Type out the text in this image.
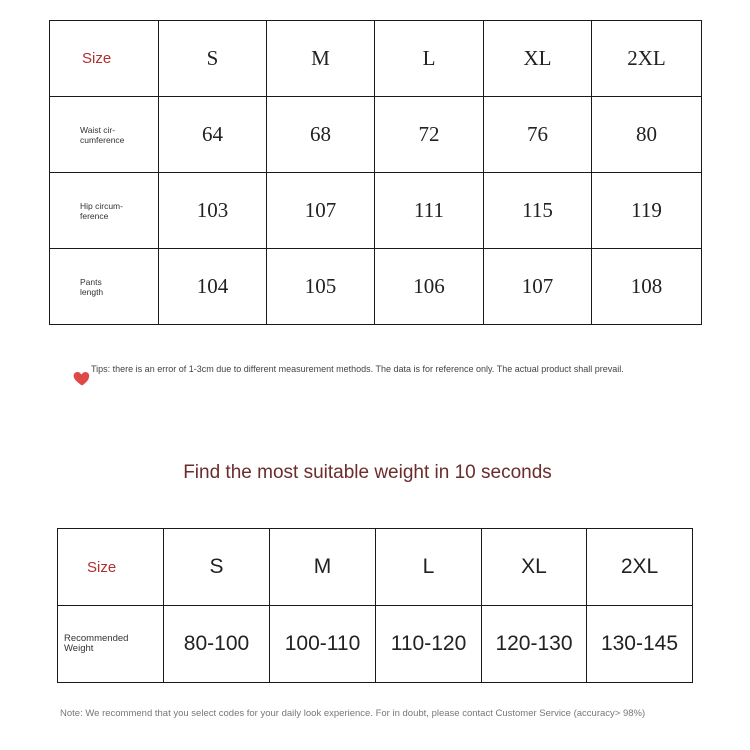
Size	S	M	L	XL	2XL
Waist cir-
cumference	64	68	72	76	80
Hip circum-
ference	103	107	111	115	119
Pants
length	104	105	106	107	108
Tips: there is an error of 1-3cm due to different measurement methods. The data is for reference only. The actual product shall prevail.
Find the most suitable weight in 10 seconds
Size	S	M	L	XL	2XL
Recommended
Weight	80-100	100-110	110-120	120-130	130-145
Note: We recommend that you select codes for your daily look experience. For in doubt, please contact Customer Service (accuracy> 98%)
